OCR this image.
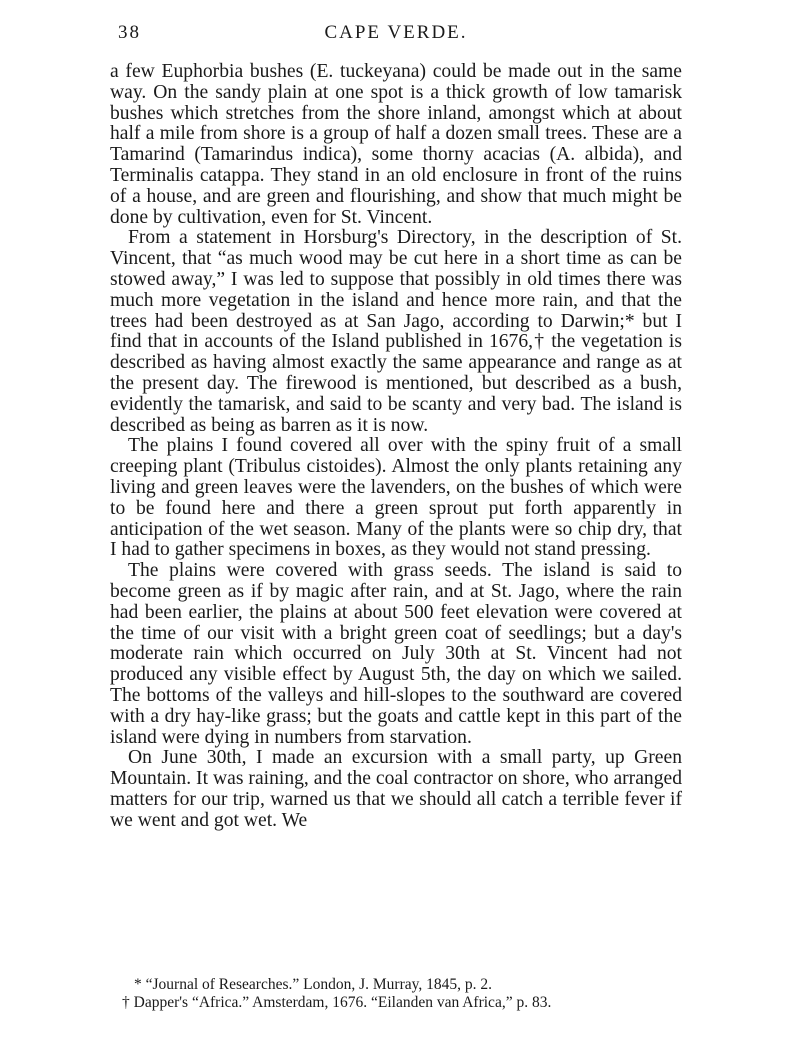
38	CAPE VERDE.

a few Euphorbia bushes (E. tuckeyana) could be made out in the same way. On the sandy plain at one spot is a thick growth of low tamarisk bushes which stretches from the shore inland, amongst which at about half a mile from shore is a group of half a dozen small trees. These are a Tamarind (Tamarindus indica), some thorny acacias (A. albida), and Terminalis catappa. They stand in an old enclosure in front of the ruins of a house, and are green and flourishing, and show that much might be done by cultivation, even for St. Vincent.

From a statement in Horsburg's Directory, in the description of St. Vincent, that “as much wood may be cut here in a short time as can be stowed away,” I was led to suppose that possibly in old times there was much more vegetation in the island and hence more rain, and that the trees had been destroyed as at San Jago, according to Darwin;* but I find that in accounts of the Island published in 1676,† the vegetation is described as having almost exactly the same appearance and range as at the present day. The firewood is mentioned, but described as a bush, evidently the tamarisk, and said to be scanty and very bad. The island is described as being as barren as it is now.

The plains I found covered all over with the spiny fruit of a small creeping plant (Tribulus cistoides). Almost the only plants retaining any living and green leaves were the lavenders, on the bushes of which were to be found here and there a green sprout put forth apparently in anticipation of the wet season. Many of the plants were so chip dry, that I had to gather specimens in boxes, as they would not stand pressing.

The plains were covered with grass seeds. The island is said to become green as if by magic after rain, and at St. Jago, where the rain had been earlier, the plains at about 500 feet elevation were covered at the time of our visit with a bright green coat of seedlings; but a day's moderate rain which occurred on July 30th at St. Vincent had not produced any visible effect by August 5th, the day on which we sailed. The bottoms of the valleys and hill-slopes to the southward are covered with a dry hay-like grass; but the goats and cattle kept in this part of the island were dying in numbers from starvation.

On June 30th, I made an excursion with a small party, up Green Mountain. It was raining, and the coal contractor on shore, who arranged matters for our trip, warned us that we should all catch a terrible fever if we went and got wet. We

* “Journal of Researches.” London, J. Murray, 1845, p. 2.

† Dapper's “Africa.” Amsterdam, 1676. “Eilanden van Africa,” p. 83.
